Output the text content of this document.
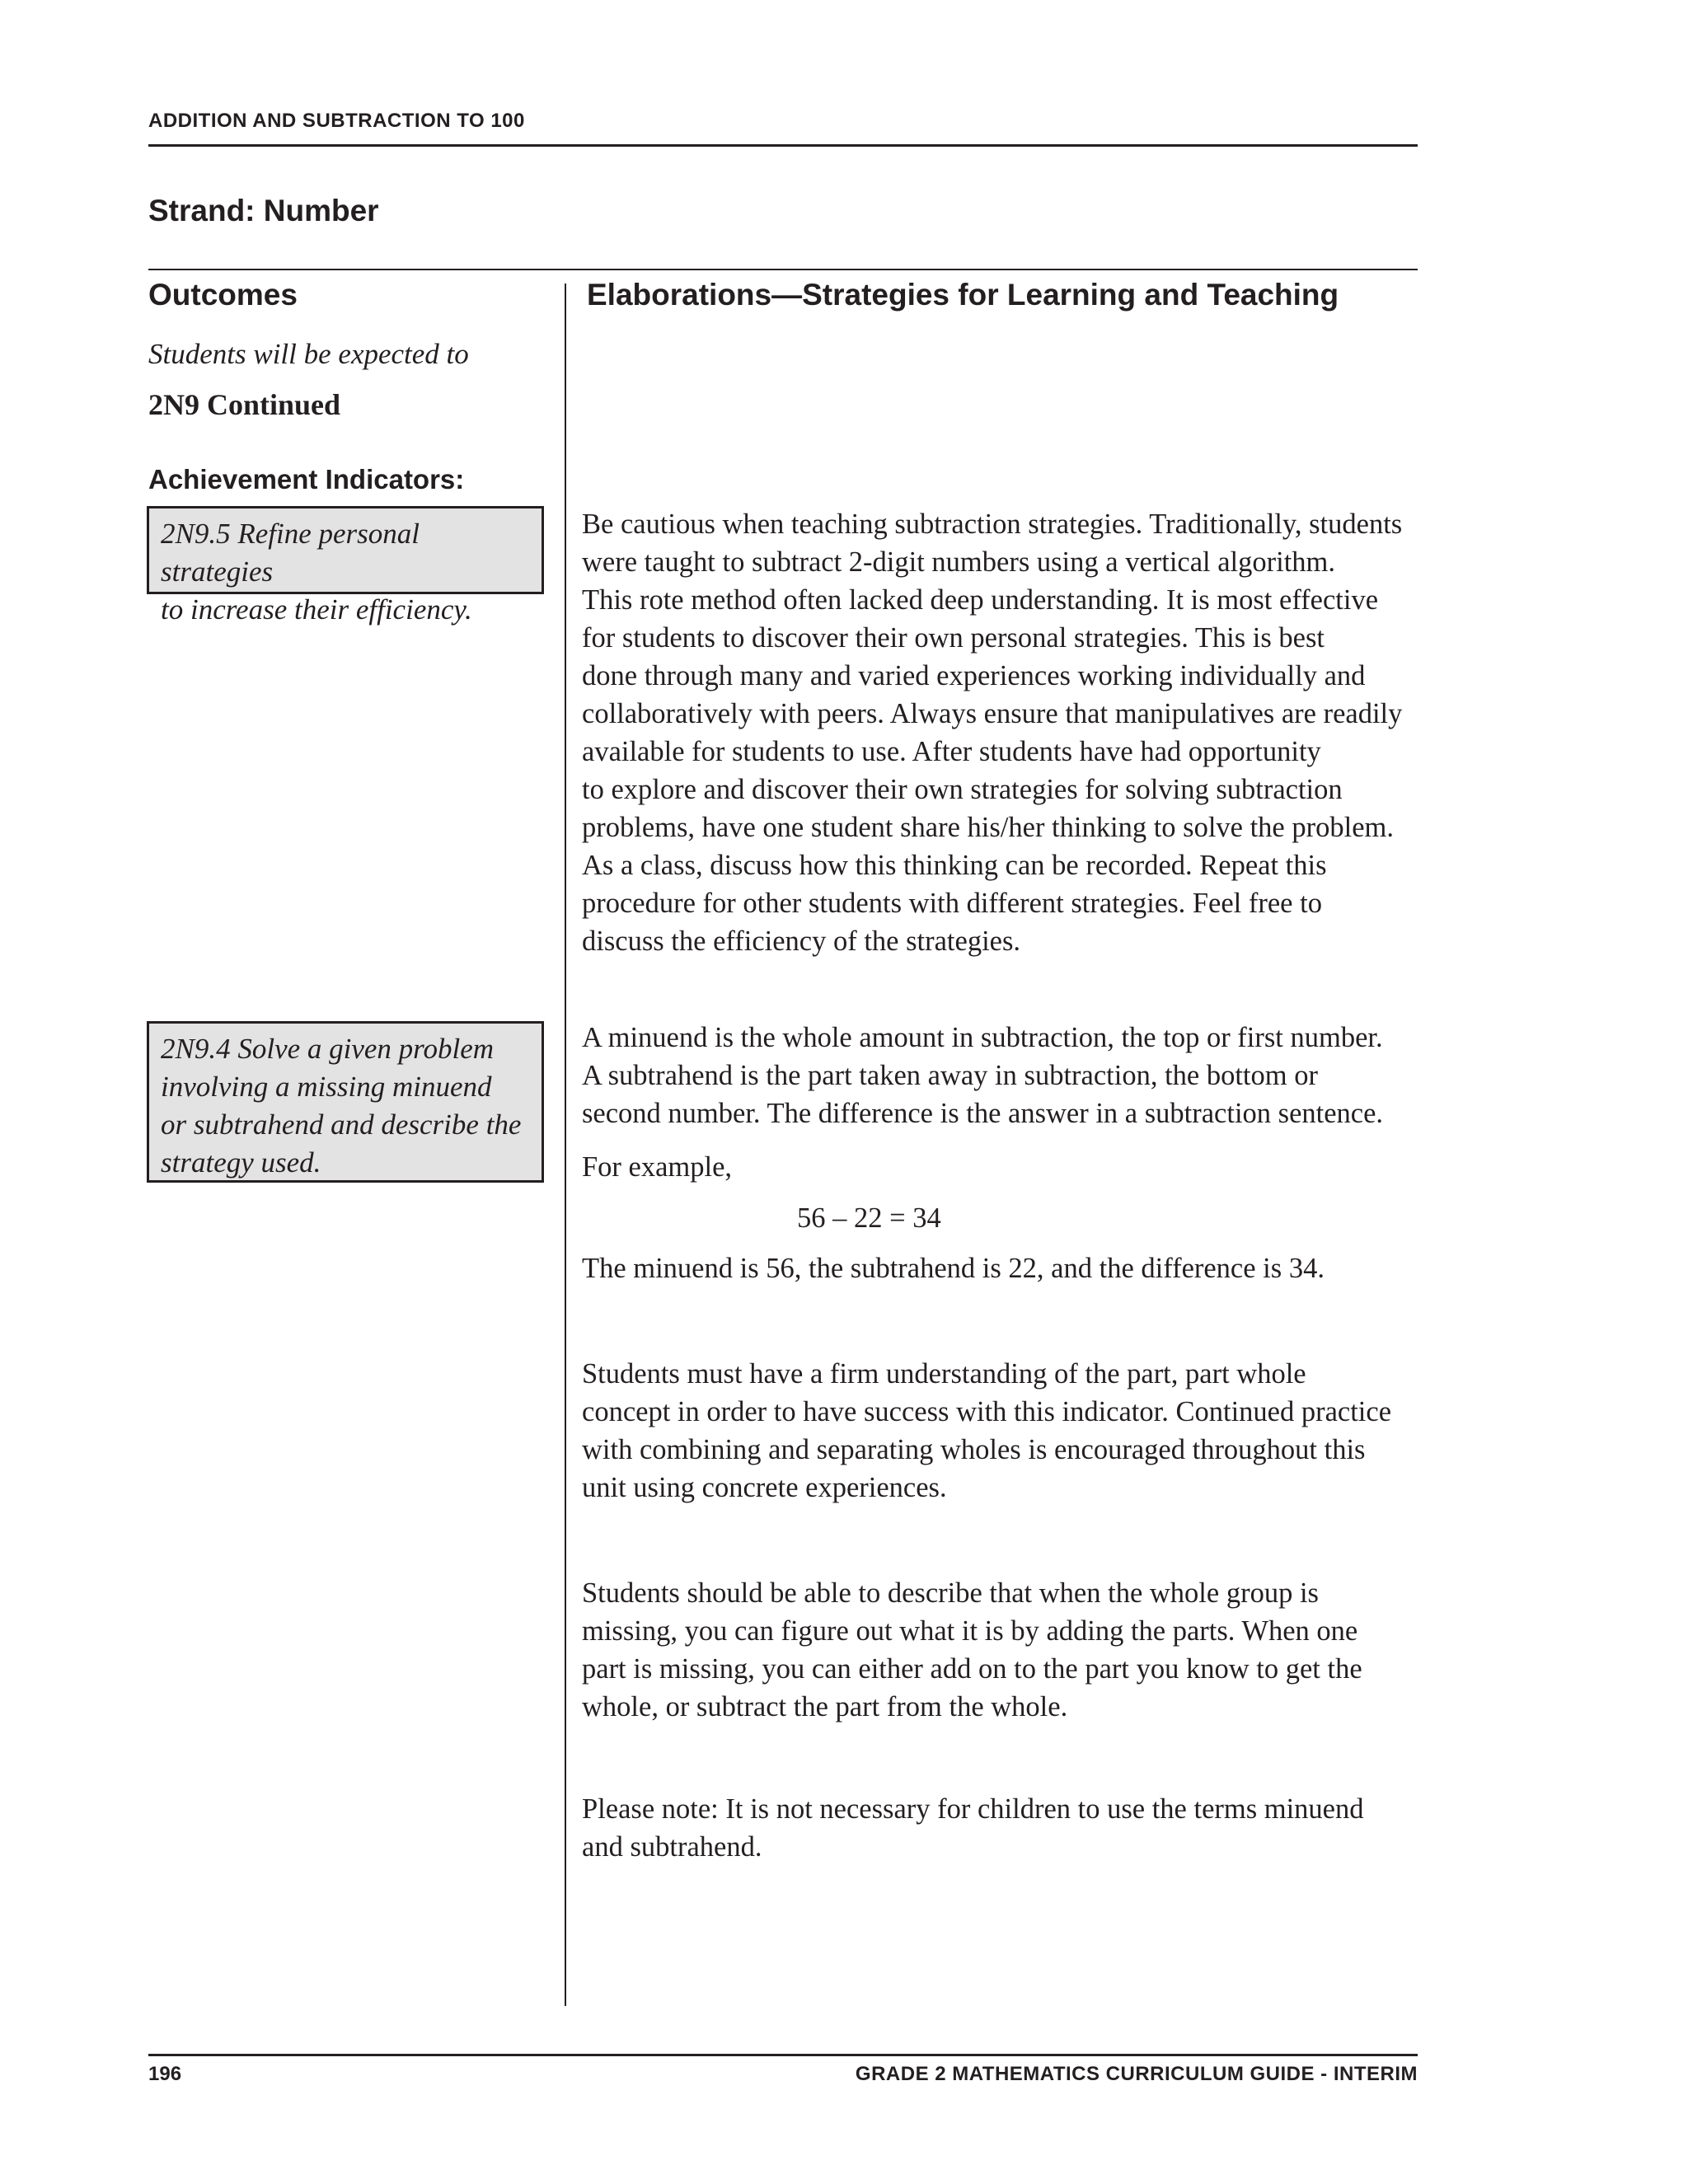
ADDITION AND SUBTRACTION TO 100
Strand: Number
Outcomes	Elaborations—Strategies for Learning and Teaching
Students will be expected to
2N9 Continued
Achievement Indicators:
2N9.5 Refine personal strategies
to increase their efficiency.
2N9.4 Solve a given problem
involving a missing minuend
or subtrahend and describe the
strategy used.
Be cautious when teaching subtraction strategies. Traditionally, students
were taught to subtract 2-digit numbers using a vertical algorithm.
This rote method often lacked deep understanding. It is most effective
for students to discover their own personal strategies. This is best
done through many and varied experiences working individually and
collaboratively with peers. Always ensure that manipulatives are readily
available for students to use. After students have had opportunity
to explore and discover their own strategies for solving subtraction
problems, have one student share his/her thinking to solve the problem.
As a class, discuss how this thinking can be recorded. Repeat this
procedure for other students with different strategies. Feel free to
discuss the efficiency of the strategies.
A minuend is the whole amount in subtraction, the top or first number.
A subtrahend is the part taken away in subtraction, the bottom or
second number. The difference is the answer in a subtraction sentence.
For example,
56 – 22 = 34
The minuend is 56, the subtrahend is 22, and the difference is 34.
Students must have a firm understanding of the part, part whole
concept in order to have success with this indicator. Continued practice
with combining and separating wholes is encouraged throughout this
unit using concrete experiences.
Students should be able to describe that when the whole group is
missing, you can figure out what it is by adding the parts. When one
part is missing, you can either add on to the part you know to get the
whole, or subtract the part from the whole.
Please note: It is not necessary for children to use the terms minuend
and subtrahend.
196	GRADE 2 MATHEMATICS CURRICULUM GUIDE - INTERIM
